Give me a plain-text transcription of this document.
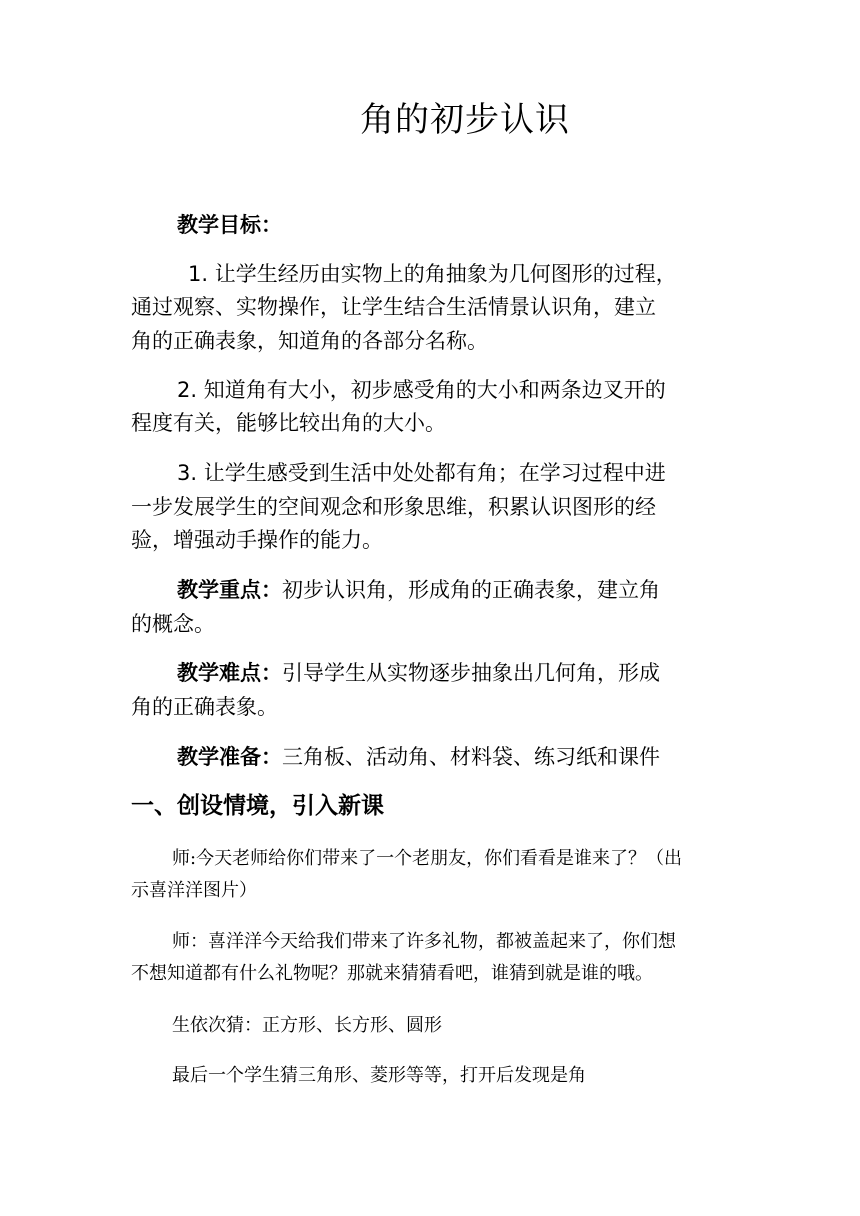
角的初步认识
教学目标：
1. 让学生经历由实物上的角抽象为几何图形的过程，
通过观察、实物操作，让学生结合生活情景认识角，建立
角的正确表象，知道角的各部分名称。
2. 知道角有大小，初步感受角的大小和两条边叉开的
程度有关，能够比较出角的大小。
3. 让学生感受到生活中处处都有角；在学习过程中进
一步发展学生的空间观念和形象思维，积累认识图形的经
验，增强动手操作的能力。
教学重点：初步认识角，形成角的正确表象，建立角
的概念。
教学难点：引导学生从实物逐步抽象出几何角，形成
角的正确表象。
教学准备：三角板、活动角、材料袋、练习纸和课件
一、创设情境，引入新课
师:今天老师给你们带来了一个老朋友，你们看看是谁来了？（出
示喜洋洋图片）
师：喜洋洋今天给我们带来了许多礼物，都被盖起来了，你们想
不想知道都有什么礼物呢？那就来猜猜看吧，谁猜到就是谁的哦。
生依次猜：正方形、长方形、圆形
最后一个学生猜三角形、菱形等等，打开后发现是角
